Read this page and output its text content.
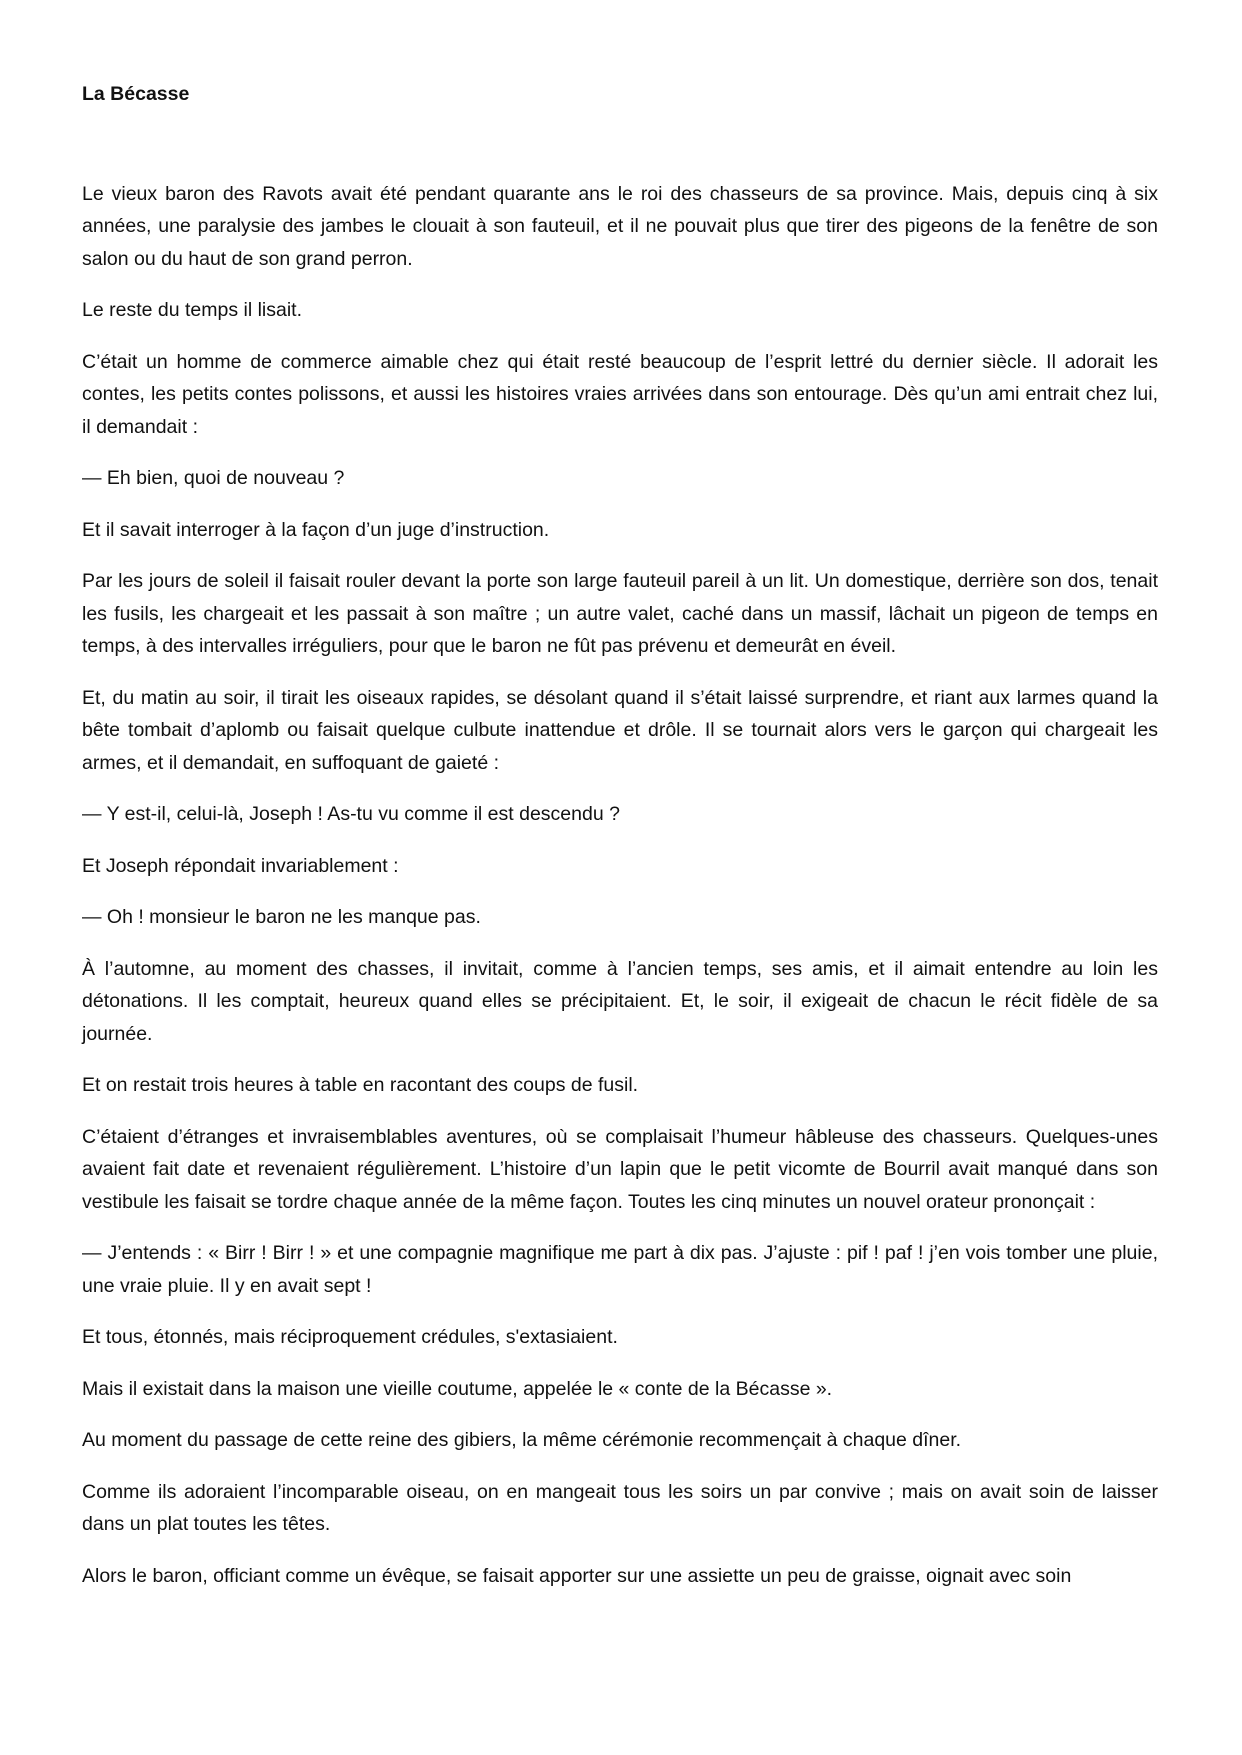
La Bécasse

Le vieux baron des Ravots avait été pendant quarante ans le roi des chasseurs de sa province. Mais, depuis cinq à six années, une paralysie des jambes le clouait à son fauteuil, et il ne pouvait plus que tirer des pigeons de la fenêtre de son salon ou du haut de son grand perron.

Le reste du temps il lisait.

C’était un homme de commerce aimable chez qui était resté beaucoup de l’esprit lettré du dernier siècle. Il adorait les contes, les petits contes polissons, et aussi les histoires vraies arrivées dans son entourage. Dès qu’un ami entrait chez lui, il demandait :

— Eh bien, quoi de nouveau ?

Et il savait interroger à la façon d’un juge d’instruction.

Par les jours de soleil il faisait rouler devant la porte son large fauteuil pareil à un lit. Un domestique, derrière son dos, tenait les fusils, les chargeait et les passait à son maître ; un autre valet, caché dans un massif, lâchait un pigeon de temps en temps, à des intervalles irréguliers, pour que le baron ne fût pas prévenu et demeurât en éveil.

Et, du matin au soir, il tirait les oiseaux rapides, se désolant quand il s’était laissé surprendre, et riant aux larmes quand la bête tombait d’aplomb ou faisait quelque culbute inattendue et drôle. Il se tournait alors vers le garçon qui chargeait les armes, et il demandait, en suffoquant de gaieté :

— Y est-il, celui-là, Joseph ! As-tu vu comme il est descendu ?

Et Joseph répondait invariablement :

— Oh ! monsieur le baron ne les manque pas.

À l’automne, au moment des chasses, il invitait, comme à l’ancien temps, ses amis, et il aimait entendre au loin les détonations. Il les comptait, heureux quand elles se précipitaient. Et, le soir, il exigeait de chacun le récit fidèle de sa journée.

Et on restait trois heures à table en racontant des coups de fusil.

C’étaient d’étranges et invraisemblables aventures, où se complaisait l’humeur hâbleuse des chasseurs. Quelques-unes avaient fait date et revenaient régulièrement. L’histoire d’un lapin que le petit vicomte de Bourril avait manqué dans son vestibule les faisait se tordre chaque année de la même façon. Toutes les cinq minutes un nouvel orateur prononçait :

— J’entends : « Birr ! Birr ! » et une compagnie magnifique me part à dix pas. J’ajuste : pif ! paf ! j’en vois tomber une pluie, une vraie pluie. Il y en avait sept !

Et tous, étonnés, mais réciproquement crédules, s'extasiaient.

Mais il existait dans la maison une vieille coutume, appelée le « conte de la Bécasse ».

Au moment du passage de cette reine des gibiers, la même cérémonie recommençait à chaque dîner.

Comme ils adoraient l’incomparable oiseau, on en mangeait tous les soirs un par convive ; mais on avait soin de laisser dans un plat toutes les têtes.

Alors le baron, officiant comme un évêque, se faisait apporter sur une assiette un peu de graisse, oignait avec soin
